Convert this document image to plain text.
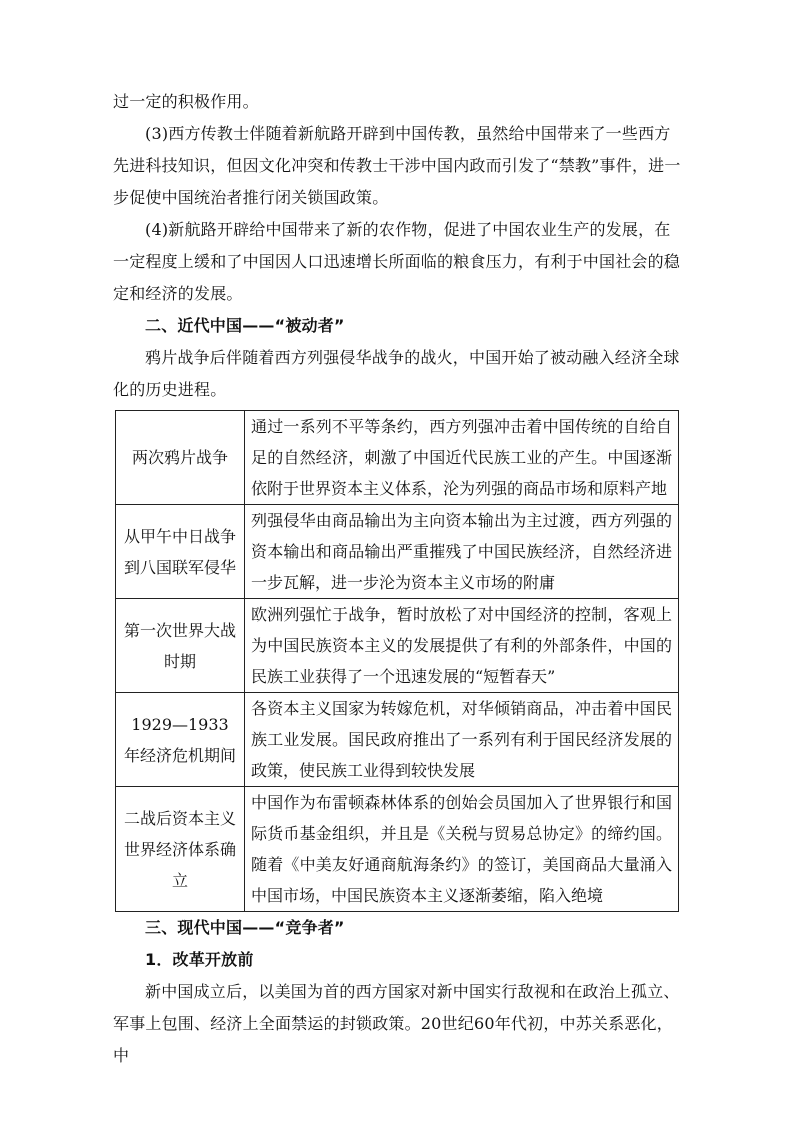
过一定的积极作用。

(3)西方传教士伴随着新航路开辟到中国传教，虽然给中国带来了一些西方先进科技知识，但因文化冲突和传教士干涉中国内政而引发了“禁教”事件，进一步促使中国统治者推行闭关锁国政策。

(4)新航路开辟给中国带来了新的农作物，促进了中国农业生产的发展，在一定程度上缓和了中国因人口迅速增长所面临的粮食压力，有利于中国社会的稳定和经济的发展。

二、近代中国——“被动者”

鸦片战争后伴随着西方列强侵华战争的战火，中国开始了被动融入经济全球化的历史进程。

两次鸦片战争	通过一系列不平等条约，西方列强冲击着中国传统的自给自足的自然经济，刺激了中国近代民族工业的产生。中国逐渐依附于世界资本主义体系，沦为列强的商品市场和原料产地
从甲午中日战争到八国联军侵华	列强侵华由商品输出为主向资本输出为主过渡，西方列强的资本输出和商品输出严重摧残了中国民族经济，自然经济进一步瓦解，进一步沦为资本主义市场的附庸
第一次世界大战时期	欧洲列强忙于战争，暂时放松了对中国经济的控制，客观上为中国民族资本主义的发展提供了有利的外部条件，中国的民族工业获得了一个迅速发展的“短暂春天”
1929—1933年经济危机期间	各资本主义国家为转嫁危机，对华倾销商品，冲击着中国民族工业发展。国民政府推出了一系列有利于国民经济发展的政策，使民族工业得到较快发展
二战后资本主义世界经济体系确立	中国作为布雷顿森林体系的创始会员国加入了世界银行和国际货币基金组织，并且是《关税与贸易总协定》的缔约国。随着《中美友好通商航海条约》的签订，美国商品大量涌入中国市场，中国民族资本主义逐渐萎缩，陷入绝境

三、现代中国——“竞争者”

1．改革开放前

新中国成立后，以美国为首的西方国家对新中国实行敌视和在政治上孤立、军事上包围、经济上全面禁运的封锁政策。20世纪60年代初，中苏关系恶化，中
